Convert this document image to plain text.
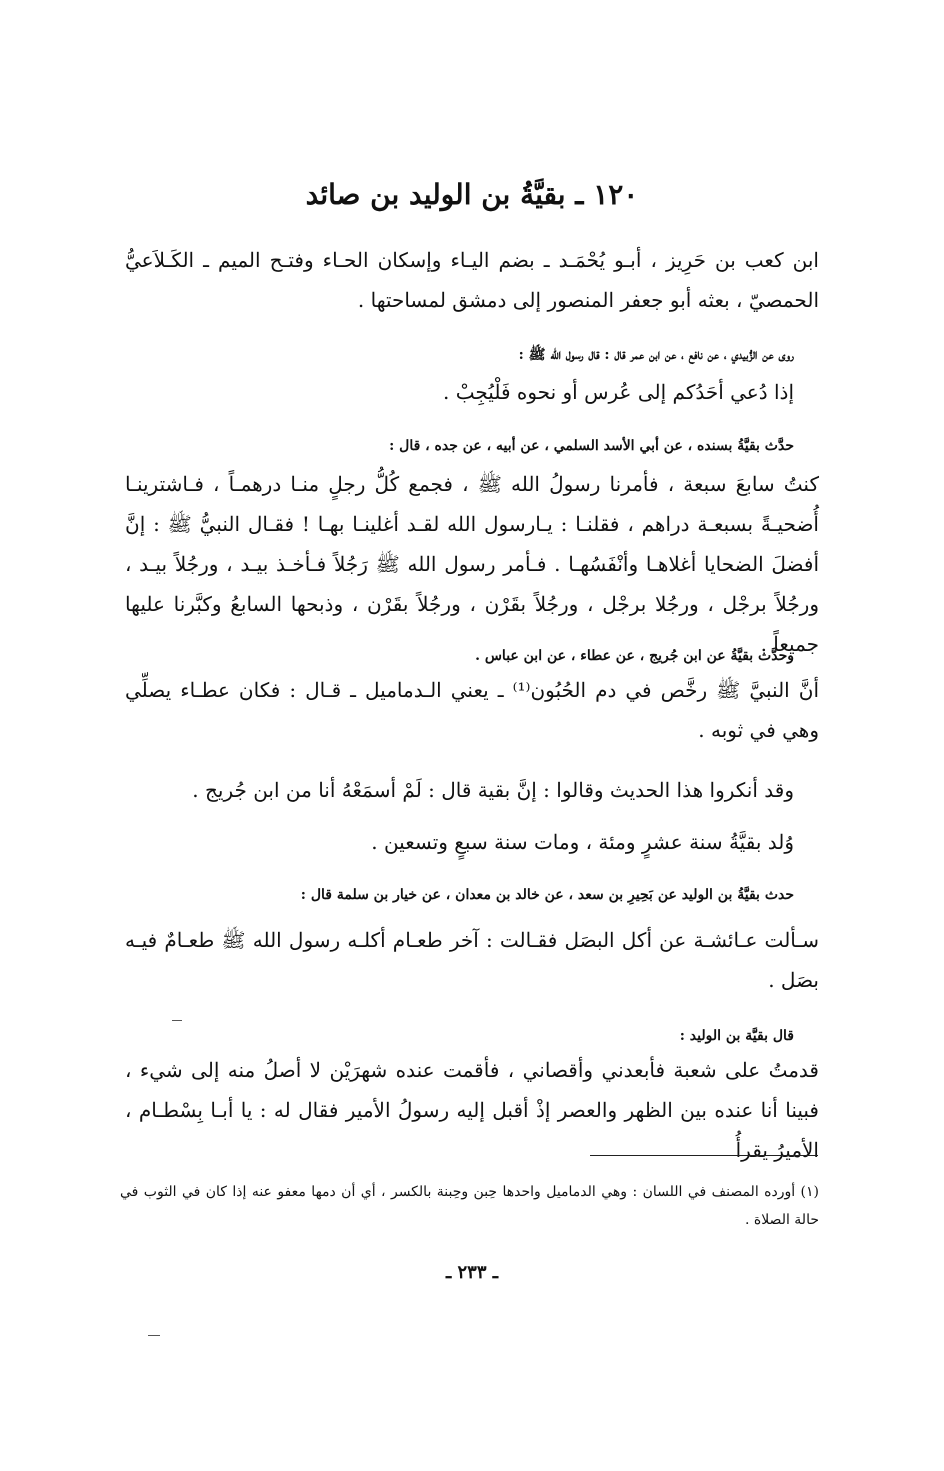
١٢٠ ـ بقيَّةُ بن الوليد بن صائد
ابن كعب بن حَرِيز ، أبـو يُحْمَـد ـ بضم اليـاء وإسكان الحـاء وفتـح الميم ـ الكَـلاَعيُّ الحمصيّ ، بعثه أبو جعفر المنصور إلى دمشق لمساحتها .
روى عن الزُّبيدي ، عن نافع ، عن ابن عمر قال : قال رسول الله ﷺ :
إذا دُعي أحَدُكم إلى عُرس أو نحوه فَلْيُجِبْ .
حدَّث بقيَّةُ بسنده ، عن أبي الأسد السلمي ، عن أبيه ، عن جده ، قال :
كنتُ سابعَ سبعة ، فأمرنا رسولُ الله ﷺ ، فجمع كُلُّ رجلٍ منـا درهمـاً ، فـاشترينـا أُضحيـةً بسبعـة دراهم ، فقلنـا : يـارسول الله لقـد أغلينـا بهـا ! فقـال النبيُّ ﷺ : إنَّ أفضلَ الضحايا أغلاهـا وأنْفَسُهـا . فـأمر رسول الله ﷺ رَجُلاً فـأخـذ بيـد ، ورجُلاً بيـد ، ورجُلاً برجْل ، ورجُلا برجْل ، ورجُلاً بقَرْن ، ورجُلاً بقَرْن ، وذبحها السابعُ وكبَّرنا عليها جميعاً .
وحدَّث بقيَّةُ عن ابن جُريج ، عن عطاء ، عن ابن عباس .
أنَّ النبيَّ ﷺ رخَّص في دم الحُبُون⁽¹⁾ ـ يعني الـدماميل ـ قـال : فكان عطـاء يصلِّي وهي في ثوبه .
وقد أنكروا هذا الحديث وقالوا : إنَّ بقية قال : لَمْ أسمَعْهُ أنا من ابن جُريج .
وُلد بقيَّةُ سنة عشرٍ ومئة ، ومات سنة سبعٍ وتسعين .
حدث بقيَّةُ بن الوليد عن بَحِيرِ بن سعد ، عن خالد بن معدان ، عن خيار بن سلمة قال :
سـألت عـائشـة عن أكل البصَل فقـالت : آخر طعـام أكلـه رسول الله ﷺ طعـامٌ فيـه بصَل .
قال بقيَّة بن الوليد :
قدمتُ على شعبة فأبعدني وأقصاني ، فأقمت عنده شهرَيْن لا أصلُ منه إلى شيء ، فبينا أنا عنده بين الظهر والعصر إذْ أقبل إليه رسولُ الأمير فقال له : يا أبـا بِسْطـام ، الأميرُ يقرأُ
(١) أورده المصنف في اللسان : وهي الدماميل واحدها حِبن وحِبنة بالكسر ، أي أن دمها معفو عنه إذا كان في الثوب في حالة الصلاة .
ـ ٢٣٣ ـ
